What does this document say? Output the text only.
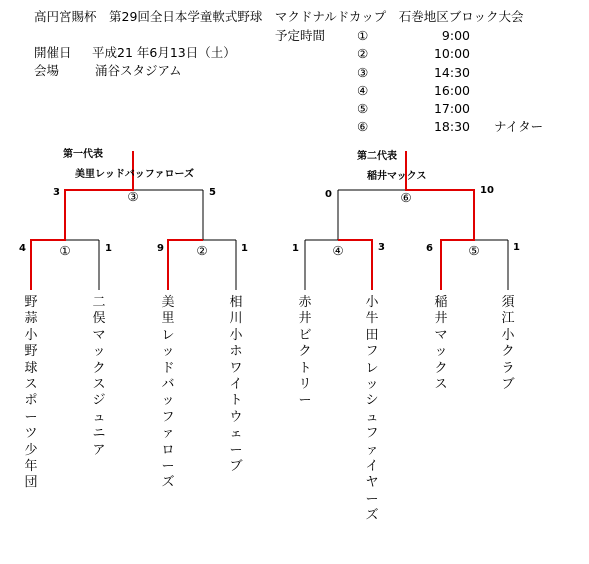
高円宮賜杯　第29回全日本学童軟式野球　マクドナルドカップ　石巻地区ブロック大会
予定時間
開催日 平成21 年6月13日（土）
会場	涌谷スタジアム
①	9:00
②	10:00
③	14:30
④	16:00
⑤	17:00
⑥	18:30 ナイター
第一代表
美里レッドバッファローズ
3	5
③
4	1
①	9	1
②
第二代表
稲井マックス
0	10
⑥
1	3
④	6	1
⑤
野蒜小野球スポーツ少年団
二俣マックスジュニア
美里レッドバッファローズ
相川小ホワイトウェーブ
赤井ビクトリー
小牛田フレッシュファイヤーズ
稲井マックス
須江小クラブ
